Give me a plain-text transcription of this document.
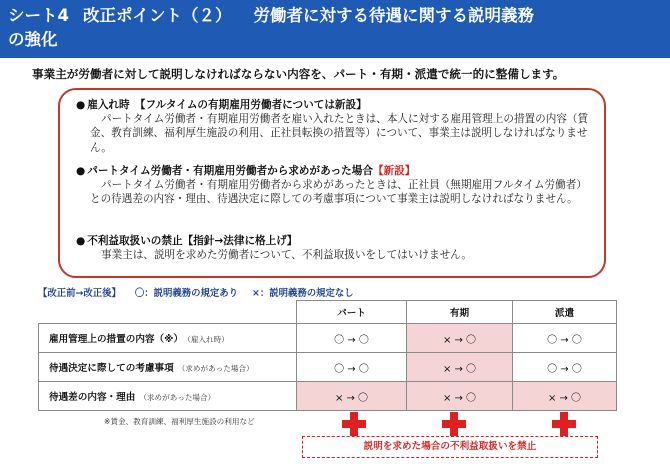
シート4 改正ポイント（２） 労働者に対する待遇に関する説明義務
の強化

事業主が労働者に対して説明しなければならない内容を、パート・有期・派遣で統一的に整備します。

● 雇入れ時　【フルタイムの有期雇用労働者については新設】
パートタイム労働者・有期雇用労働者を雇い入れたときは、本人に対する雇用管理上の措置の内容（賃金、教育訓練、福利厚生施設の利用、正社員転換の措置等）について、事業主は説明しなければなりません。
● パートタイム労働者・有期雇用労働者から求めがあった場合【新設】
パートタイム労働者・有期雇用労働者から求めがあったときは、正社員（無期雇用フルタイム労働者）との待遇差の内容・理由、待遇決定に際しての考慮事項について事業主は説明しなければなりません。
● 不利益取扱いの禁止【指針→法律に格上げ】
事業主は、説明を求めた労働者について、不利益取扱いをしてはいけません。
【改正前→改正後】 〇：説明義務の規定あり ×：説明義務の規定なし
	パート	有期	派遣
雇用管理上の措置の内容（※） （雇入れ時）	〇 → 〇	× → 〇	〇 → 〇
待遇決定に際しての考慮事項 （求めがあった場合）	〇 → 〇	× → 〇	〇 → 〇
待遇差の内容・理由 （求めがあった場合）	× → 〇	× → 〇	× → 〇
※賃金、教育訓練、福利厚生施設の利用など
説明を求めた場合の不利益取扱いを禁止
